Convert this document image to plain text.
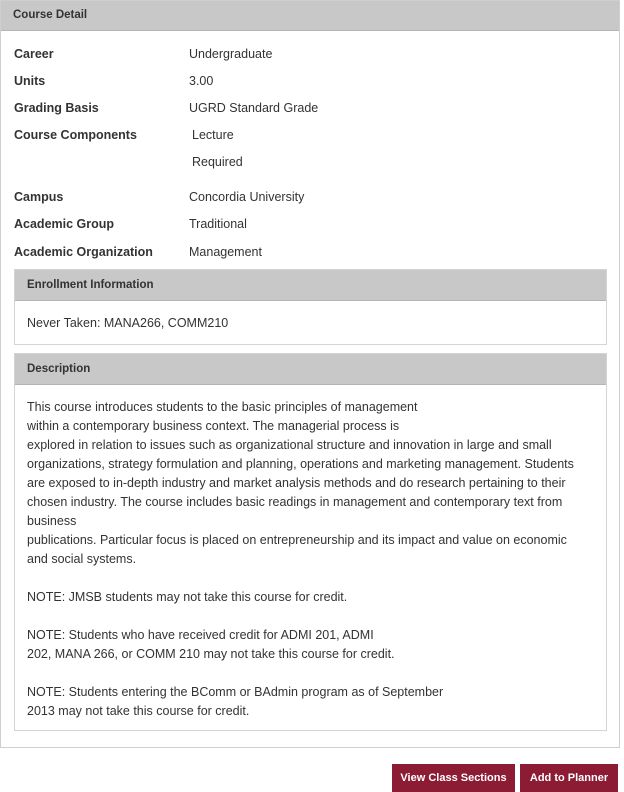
Course Detail
Career	Undergraduate
Units	3.00
Grading Basis	UGRD Standard Grade
Course Components	Lecture
Required
Campus	Concordia University
Academic Group	Traditional
Academic Organization	Management
Enrollment Information
Never Taken: MANA266, COMM210
Description
This course introduces students to the basic principles of management
within a contemporary business context. The managerial process is
explored in relation to issues such as organizational structure and innovation in large and small
organizations, strategy formulation and planning, operations and marketing management. Students
are exposed to in-depth industry and market analysis methods and do research pertaining to their
chosen industry. The course includes basic readings in management and contemporary text from
business
publications. Particular focus is placed on entrepreneurship and its impact and value on economic
and social systems.
NOTE: JMSB students may not take this course for credit.
NOTE: Students who have received credit for ADMI 201, ADMI
202, MANA 266, or COMM 210 may not take this course for credit.
NOTE: Students entering the BComm or BAdmin program as of September
2013 may not take this course for credit.
View Class Sections	Add to Planner
